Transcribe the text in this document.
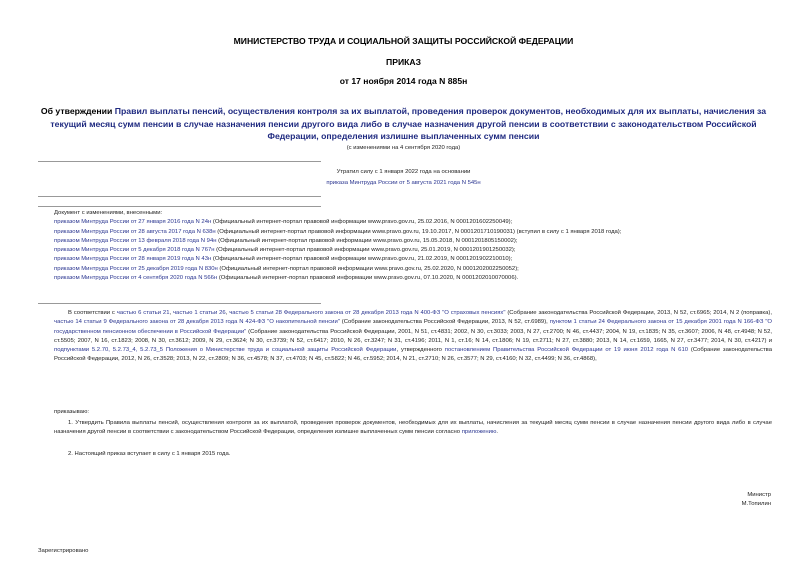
МИНИСТЕРСТВО ТРУДА И СОЦИАЛЬНОЙ ЗАЩИТЫ РОССИЙСКОЙ ФЕДЕРАЦИИ
ПРИКАЗ
от 17 ноября 2014 года N 885н
Об утверждении Правил выплаты пенсий, осуществления контроля за их выплатой, проведения проверок документов, необходимых для их выплаты, начисления за текущий месяц сумм пенсии в случае назначения пенсии другого вида либо в случае назначения другой пенсии в соответствии с законодательством Российской Федерации, определения излишне выплаченных сумм пенсии
(с изменениями на 4 сентября 2020 года)
Утратил силу с 1 января 2022 года на основании
приказа Минтруда России от 5 августа 2021 года N 545н
Документ с изменениями, внесенными:
приказом Минтруда России от 27 января 2016 года N 24н (Официальный интернет-портал правовой информации www.pravo.gov.ru, 25.02.2016, N 0001201602250049);
приказом Минтруда России от 28 августа 2017 года N 638н (Официальный интернет-портал правовой информации www.pravo.gov.ru, 19.10.2017, N 0001201710190031) (вступил в силу с 1 января 2018 года);
приказом Минтруда России от 13 февраля 2018 года N 94н (Официальный интернет-портал правовой информации www.pravo.gov.ru, 15.05.2018, N 0001201805150002);
приказом Минтруда России от 5 декабря 2018 года N 767н (Официальный интернет-портал правовой информации www.pravo.gov.ru, 25.01.2019, N 0001201901250032);
приказом Минтруда России от 28 января 2019 года N 43н (Официальный интернет-портал правовой информации www.pravo.gov.ru, 21.02.2019, N 0001201902210010);
приказом Минтруда России от 25 декабря 2019 года N 830н (Официальный интернет-портал правовой информации www.pravo.gov.ru, 25.02.2020, N 0001202002250052);
приказом Минтруда России от 4 сентября 2020 года N 566н (Официальный интернет-портал правовой информации www.pravo.gov.ru, 07.10.2020, N 0001202010070006).
В соответствии с частью 6 статьи 21, частью 1 статьи 26, частью 5 статьи 28 Федерального закона от 28 декабря 2013 года N 400-ФЗ "О страховых пенсиях" (Собрание законодательства Российской Федерации, 2013, N 52, ст.6965; 2014, N 2 (поправка), частью 14 статьи 9 Федерального закона от 28 декабря 2013 года N 424-ФЗ "О накопительной пенсии" (Собрание законодательства Российской Федерации, 2013, N 52, ст.6989), пунктом 1 статьи 24 Федерального закона от 15 декабря 2001 года N 166-ФЗ "О государственном пенсионном обеспечении в Российской Федерации" (Собрание законодательства Российской Федерации, 2001, N 51, ст.4831; 2002, N 30, ст.3033; 2003, N 27, ст.2700; N 46, ст.4437; 2004, N 19, ст.1835; N 35, ст.3607; 2006, N 48, ст.4948; N 52, ст.5505; 2007, N 16, ст.1823; 2008, N 30, ст.3612; 2009, N 29, ст.3624; N 30, ст.3739; N 52, ст.6417; 2010, N 26, ст.3247; N 31, ст.4196; 2011, N 1, ст.16; N 14, ст.1806; N 19, ст.2711; N 27, ст.3880; 2013, N 14, ст.1659, 1665, N 27, ст.3477; 2014, N 30, ст.4217) и подпунктами 5.2.70, 5.2.73_4, 5.2.73_5 Положения о Министерстве труда и социальной защиты Российской Федерации, утвержденного постановлением Правительства Российской Федерации от 19 июня 2012 года N 610 (Собрание законодательства Российской Федерации, 2012, N 26, ст.3528; 2013, N 22, ст.2809; N 36, ст.4578; N 37, ст.4703; N 45, ст.5822; N 46, ст.5952; 2014, N 21, ст.2710; N 26, ст.3577; N 29, ст.4160; N 32, ст.4499; N 36, ст.4868),
приказываю:
1. Утвердить Правила выплаты пенсий, осуществления контроля за их выплатой, проведения проверок документов, необходимых для их выплаты, начисления за текущий месяц сумм пенсии в случае назначения пенсии другого вида либо в случае назначения другой пенсии в соответствии с законодательством Российской Федерации, определения излишне выплаченных сумм пенсии согласно приложению.
2. Настоящий приказ вступает в силу с 1 января 2015 года.
Министр
М.Топилин
Зарегистрировано
